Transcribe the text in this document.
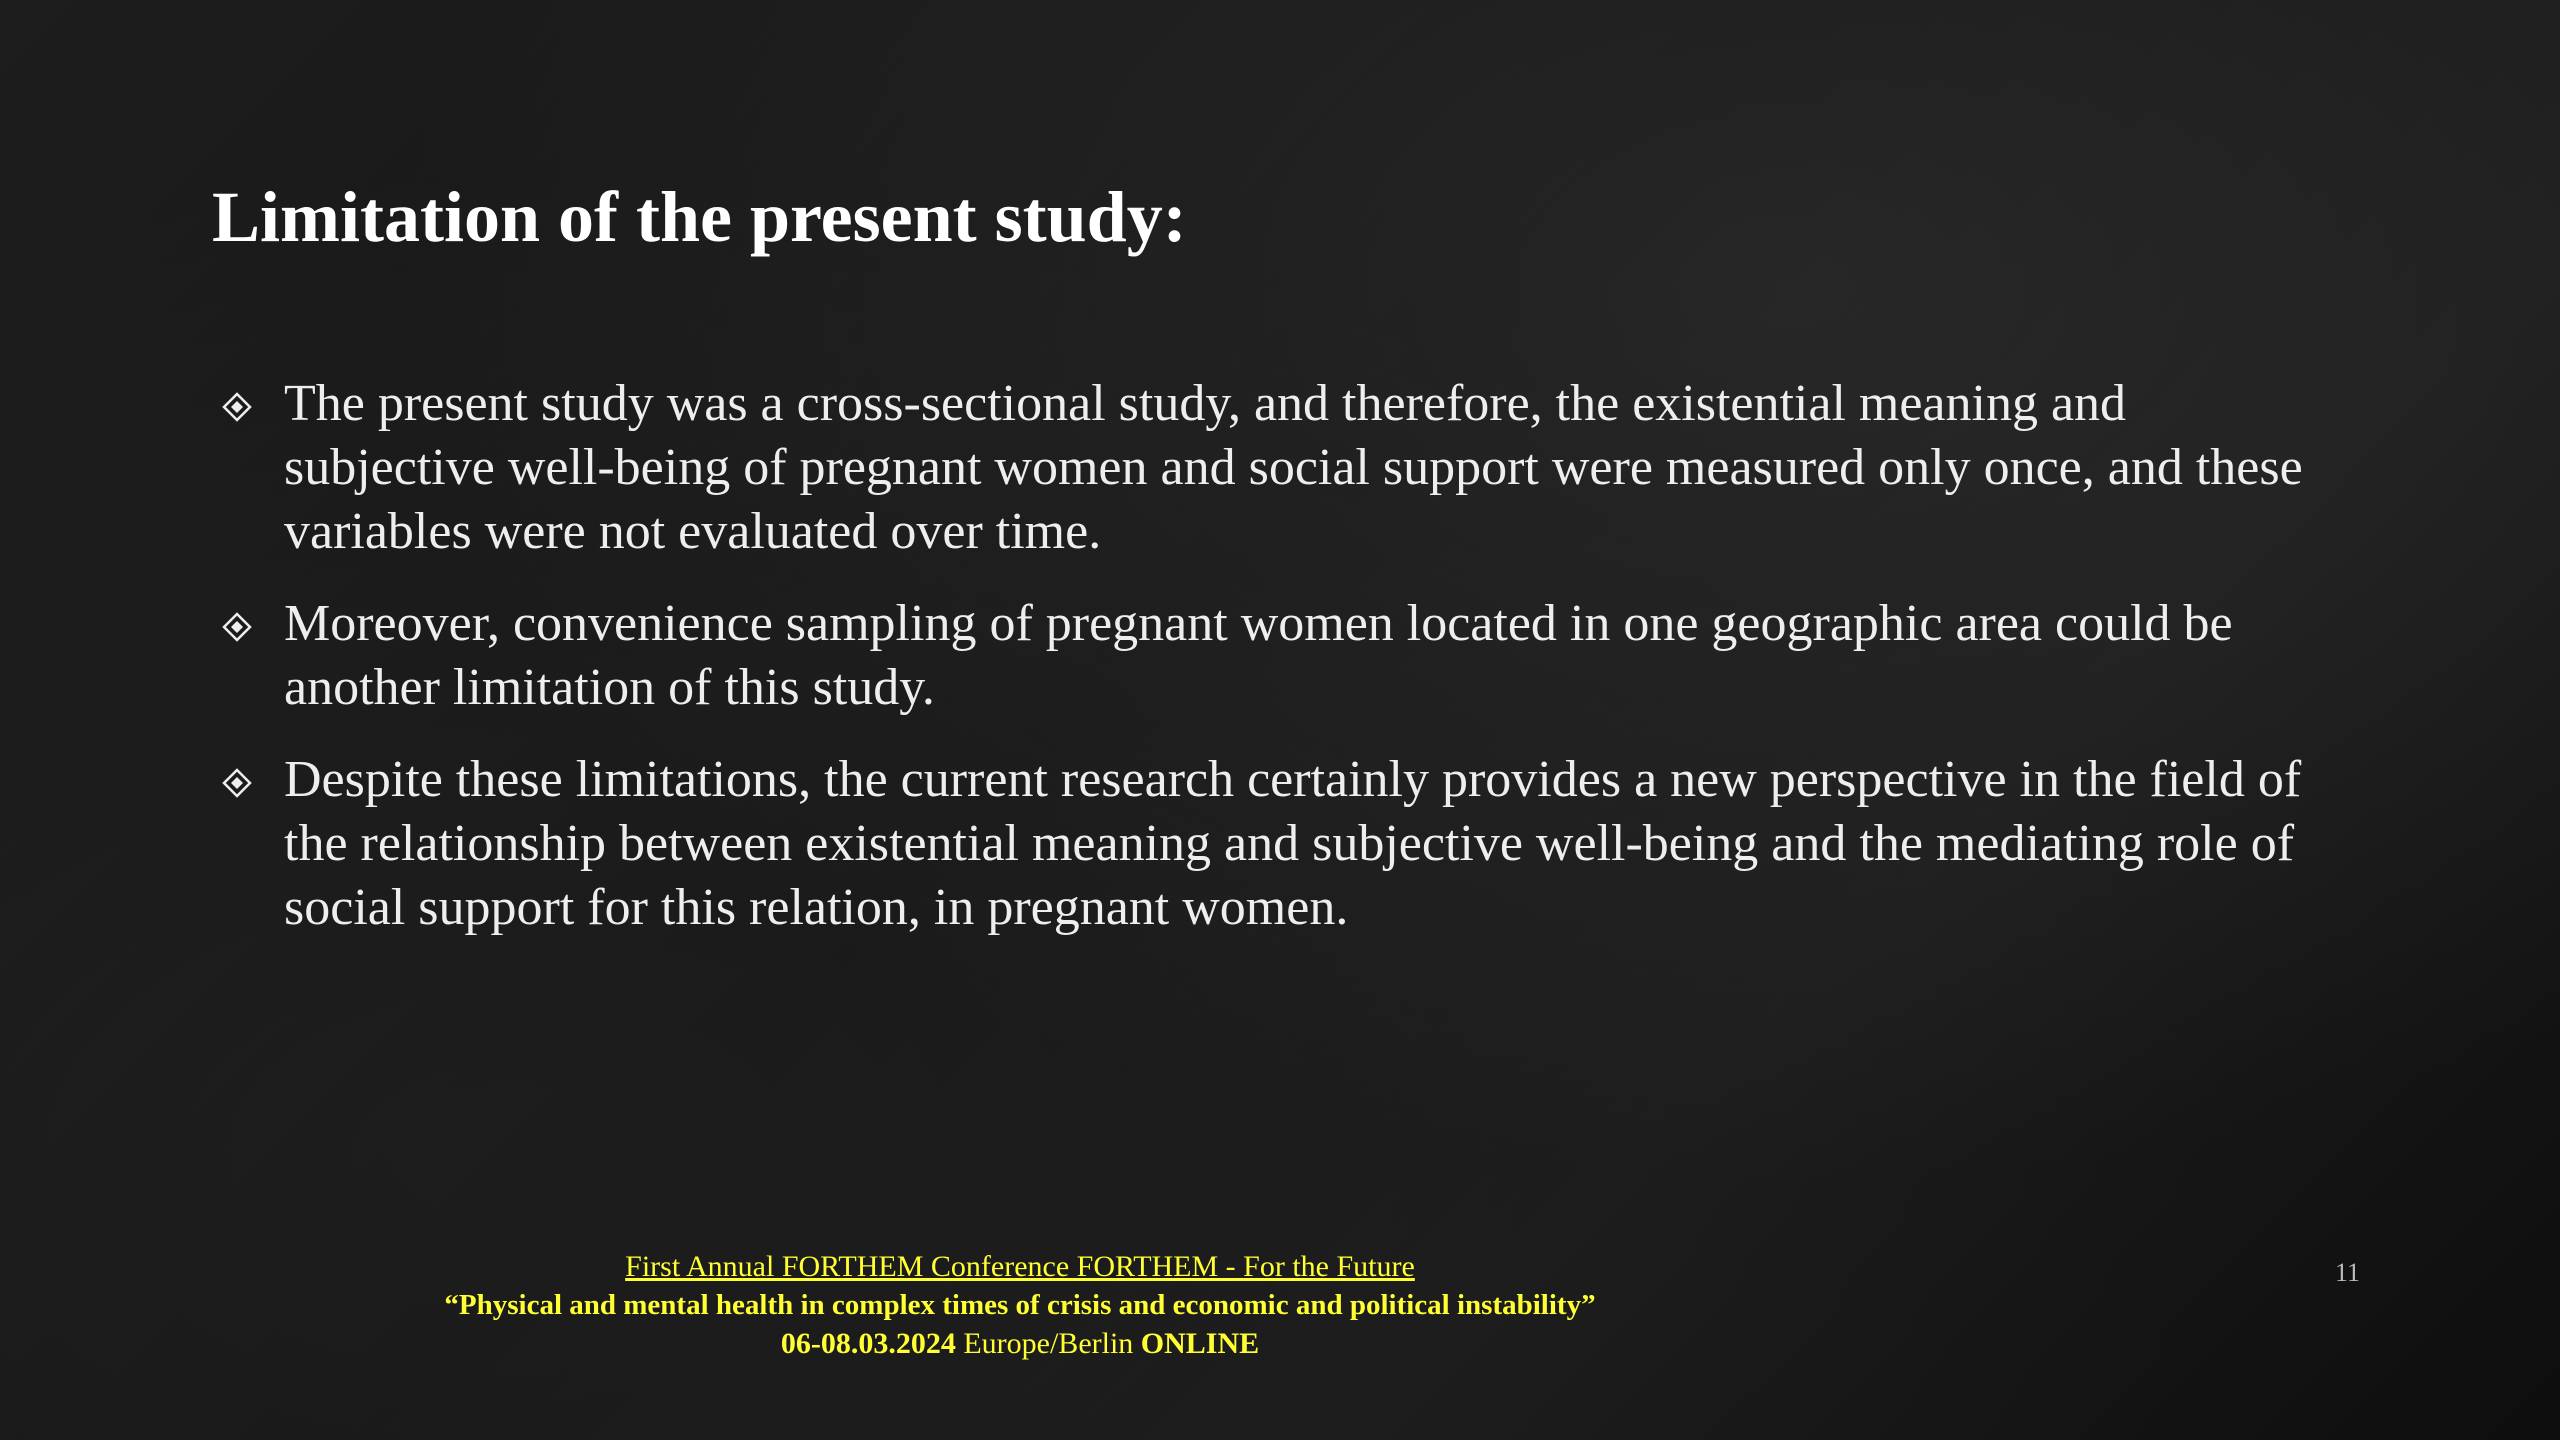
Limitation of the present study:
The present study was a cross-sectional study, and therefore, the existential meaning and subjective well-being of pregnant women and social support were measured only once, and these variables were not evaluated over time.
Moreover, convenience sampling of pregnant women located in one geographic area could be another limitation of this study.
Despite these limitations, the current research certainly provides a new perspective in the field of the relationship between existential meaning and subjective well-being and the mediating role of social support for this relation, in pregnant women.
First Annual FORTHEM Conference FORTHEM - For the Future
“Physical and mental health in complex times of crisis and economic and political instability”
06-08.03.2024 Europe/Berlin ONLINE
11
